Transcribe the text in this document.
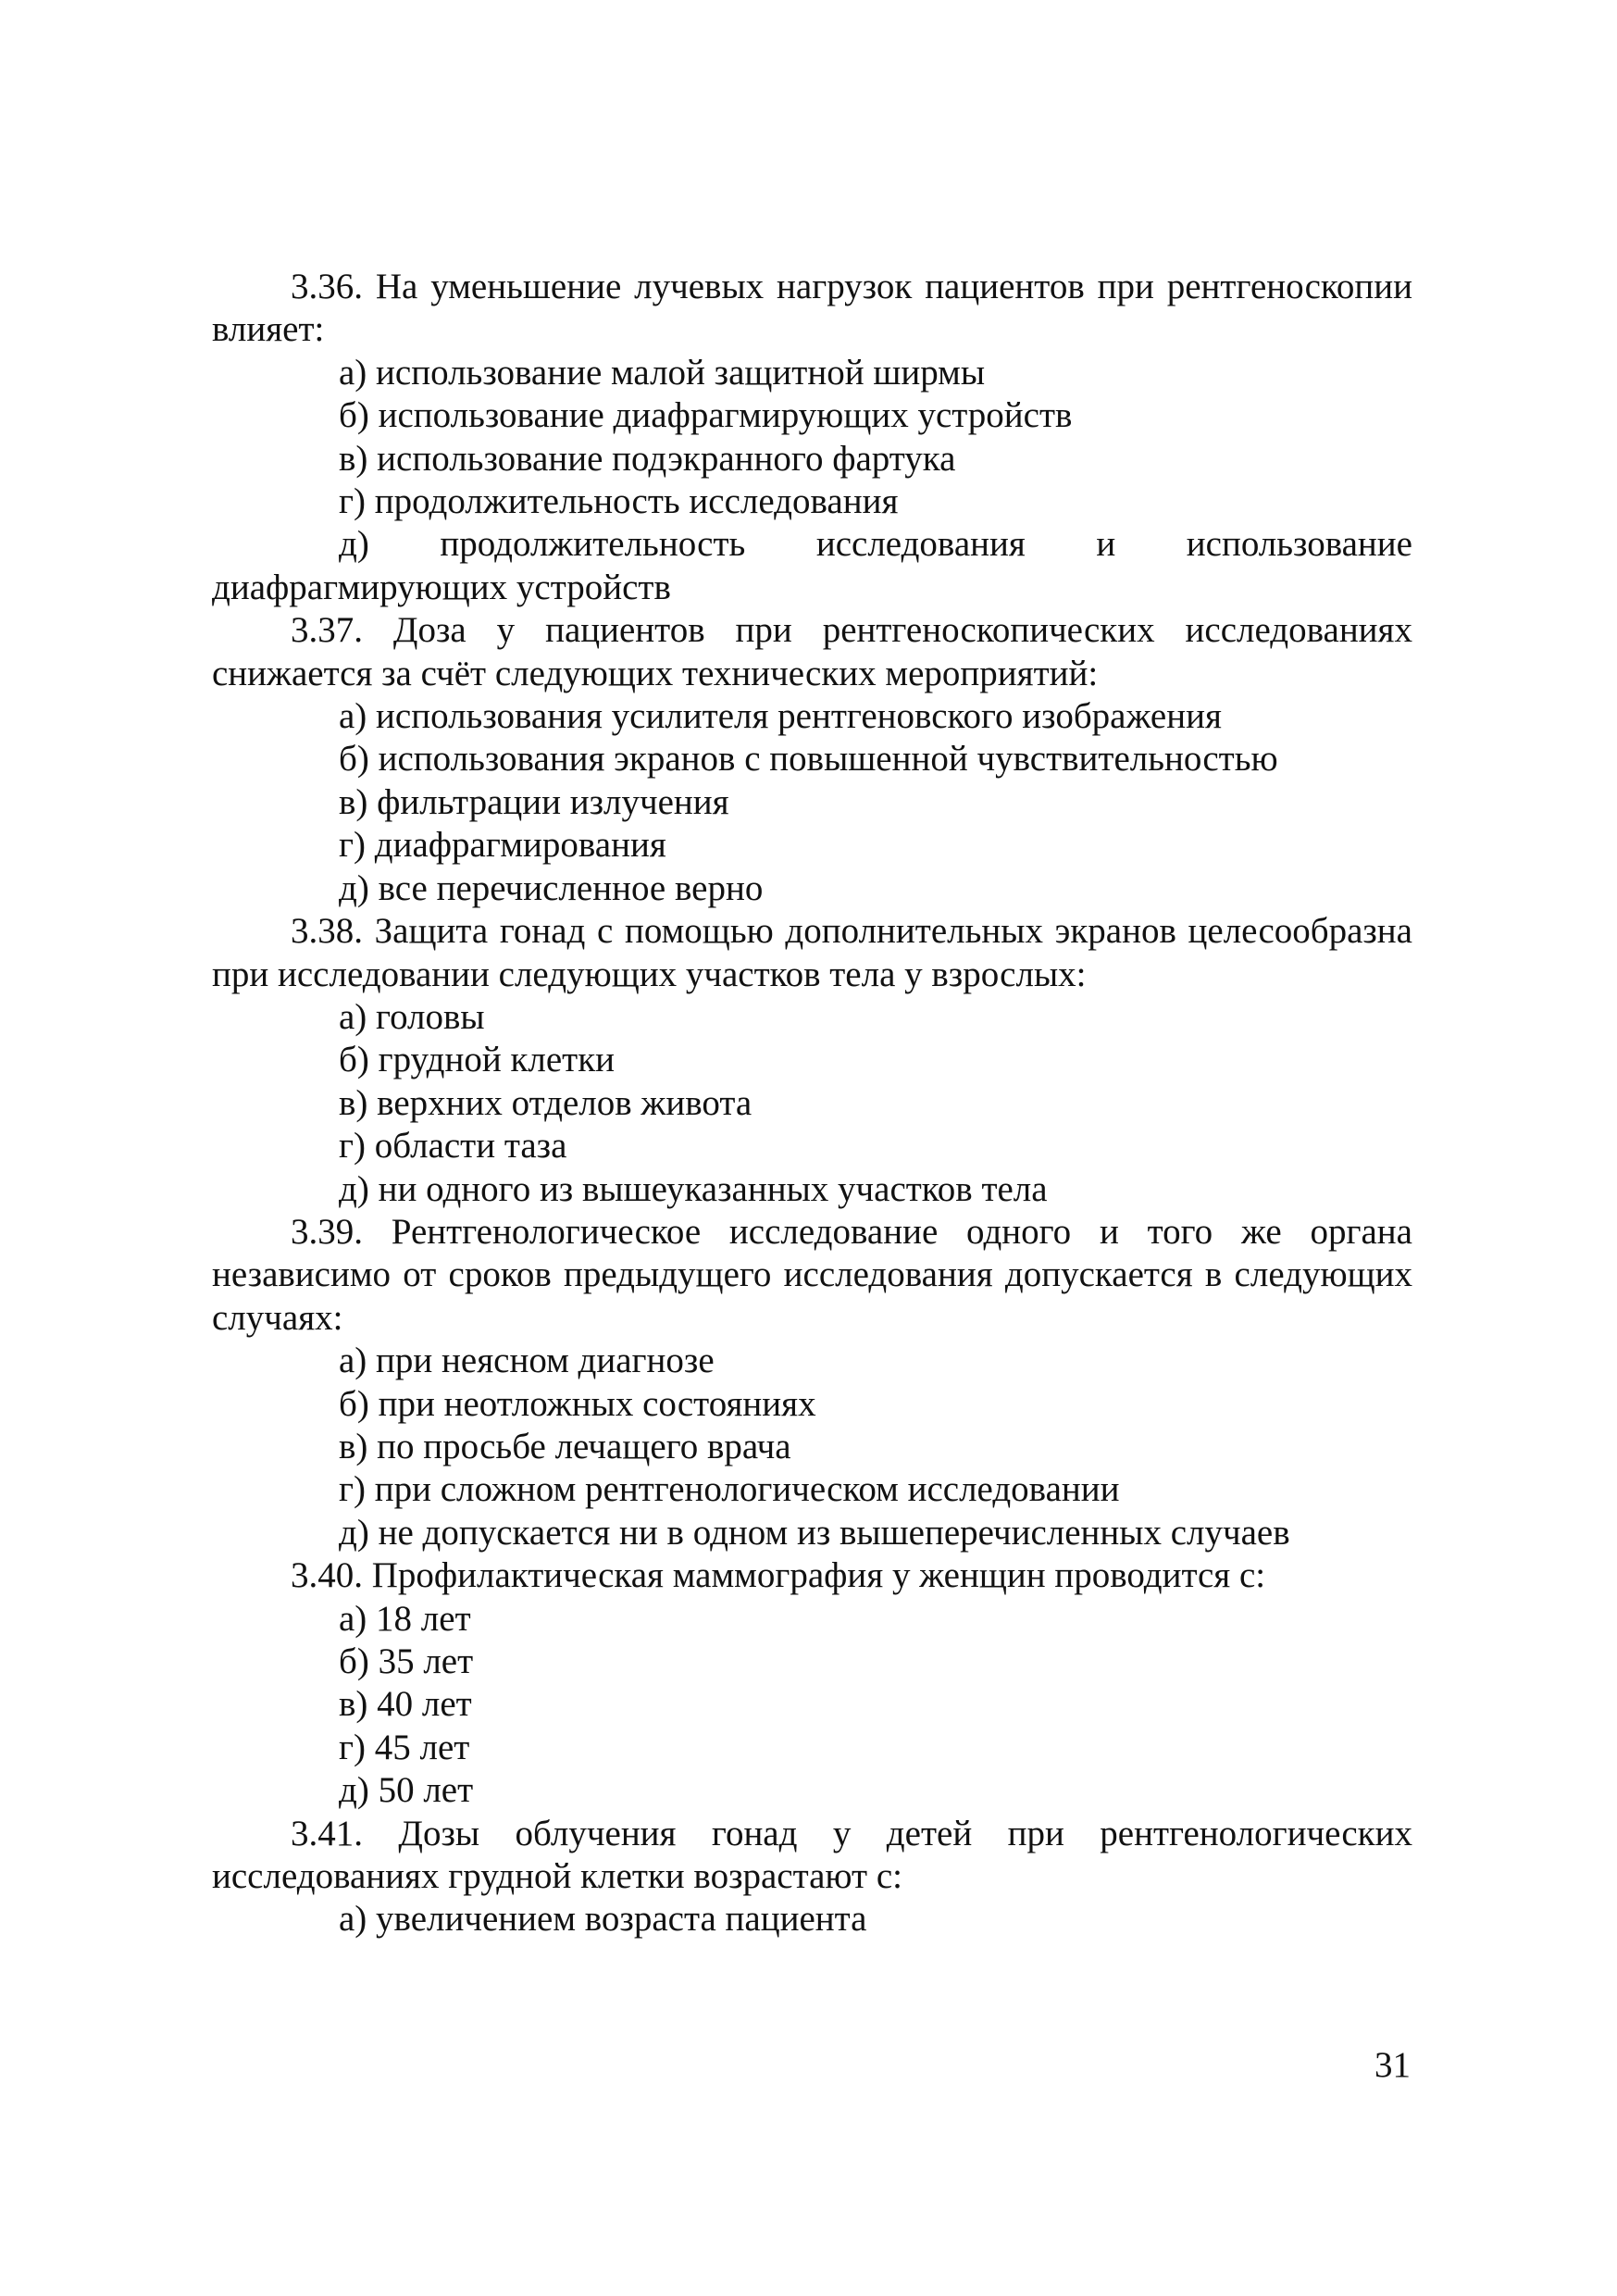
3.36. На уменьшение лучевых нагрузок пациентов при рентгеноскопии влияет:

а) использование малой защитной ширмы

б) использование диафрагмирующих устройств

в) использование подэкранного фартука

г) продолжительность исследования

д) продолжительность исследования и использование диафрагмирующих устройств

3.37. Доза у пациентов при рентгеноскопических исследованиях снижается за счёт следующих технических мероприятий:

а) использования усилителя рентгеновского изображения

б) использования экранов с повышенной чувствительностью

в) фильтрации излучения

г) диафрагмирования

д) все перечисленное верно

3.38. Защита гонад с помощью дополнительных экранов целесообразна при исследовании следующих участков тела у взрослых:

а) головы

б) грудной клетки

в) верхних отделов живота

г) области таза

д) ни одного из вышеуказанных участков тела

3.39. Рентгенологическое исследование одного и того же органа независимо от сроков предыдущего исследования допускается в следующих случаях:

а) при неясном диагнозе

б) при неотложных состояниях

в) по просьбе лечащего врача

г) при сложном рентгенологическом исследовании

д) не допускается ни в одном из вышеперечисленных случаев

3.40. Профилактическая маммография у женщин проводится с:

а) 18 лет

б) 35 лет

в) 40 лет

г) 45 лет

д) 50 лет

3.41. Дозы облучения гонад у детей при рентгенологических исследованиях грудной клетки возрастают с:

а) увеличением возраста пациента

31
